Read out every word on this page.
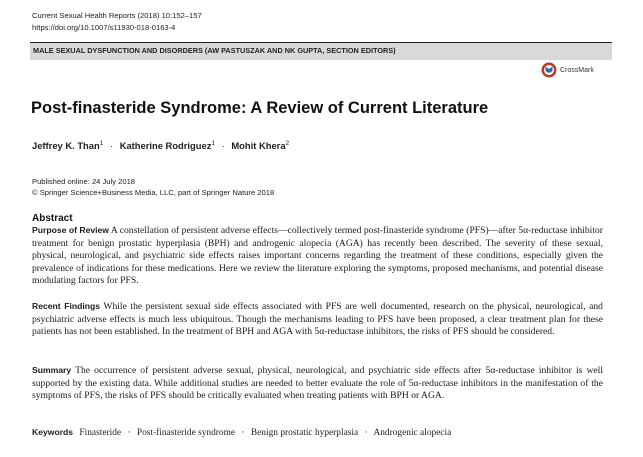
Current Sexual Health Reports (2018) 10:152–157
https://doi.org/10.1007/s11930-018-0163-4
MALE SEXUAL DYSFUNCTION AND DISORDERS (AW PASTUSZAK AND NK GUPTA, SECTION EDITORS)
CrossMark
Post-finasteride Syndrome: A Review of Current Literature
Jeffrey K. Than$^1$ · Katherine Rodriguez$^1$ · Mohit Khera$^2$
Published online: 24 July 2018
© Springer Science+Business Media, LLC, part of Springer Nature 2018
Abstract
Purpose of Review A constellation of persistent adverse effects—collectively termed post-finasteride syndrome (PFS)—after 5α-reductase inhibitor treatment for benign prostatic hyperplasia (BPH) and androgenic alopecia (AGA) has recently been described. The severity of these sexual, physical, neurological, and psychiatric side effects raises important concerns regarding the treatment of these conditions, especially given the prevalence of indications for these medications. Here we review the literature exploring the symptoms, proposed mechanisms, and potential disease modulating factors for PFS.
Recent Findings While the persistent sexual side effects associated with PFS are well documented, research on the physical, neurological, and psychiatric adverse effects is much less ubiquitous. Though the mechanisms leading to PFS have been proposed, a clear treatment plan for these patients has not been established. In the treatment of BPH and AGA with 5α-reductase inhibitors, the risks of PFS should be considered.
Summary The occurrence of persistent adverse sexual, physical, neurological, and psychiatric side effects after 5α-reductase inhibitor is well supported by the existing data. While additional studies are needed to better evaluate the role of 5α-reductase inhibitors in the manifestation of the symptoms of PFS, the risks of PFS should be critically evaluated when treating patients with BPH or AGA.
Keywords Finasteride · Post-finasteride syndrome · Benign prostatic hyperplasia · Androgenic alopecia
